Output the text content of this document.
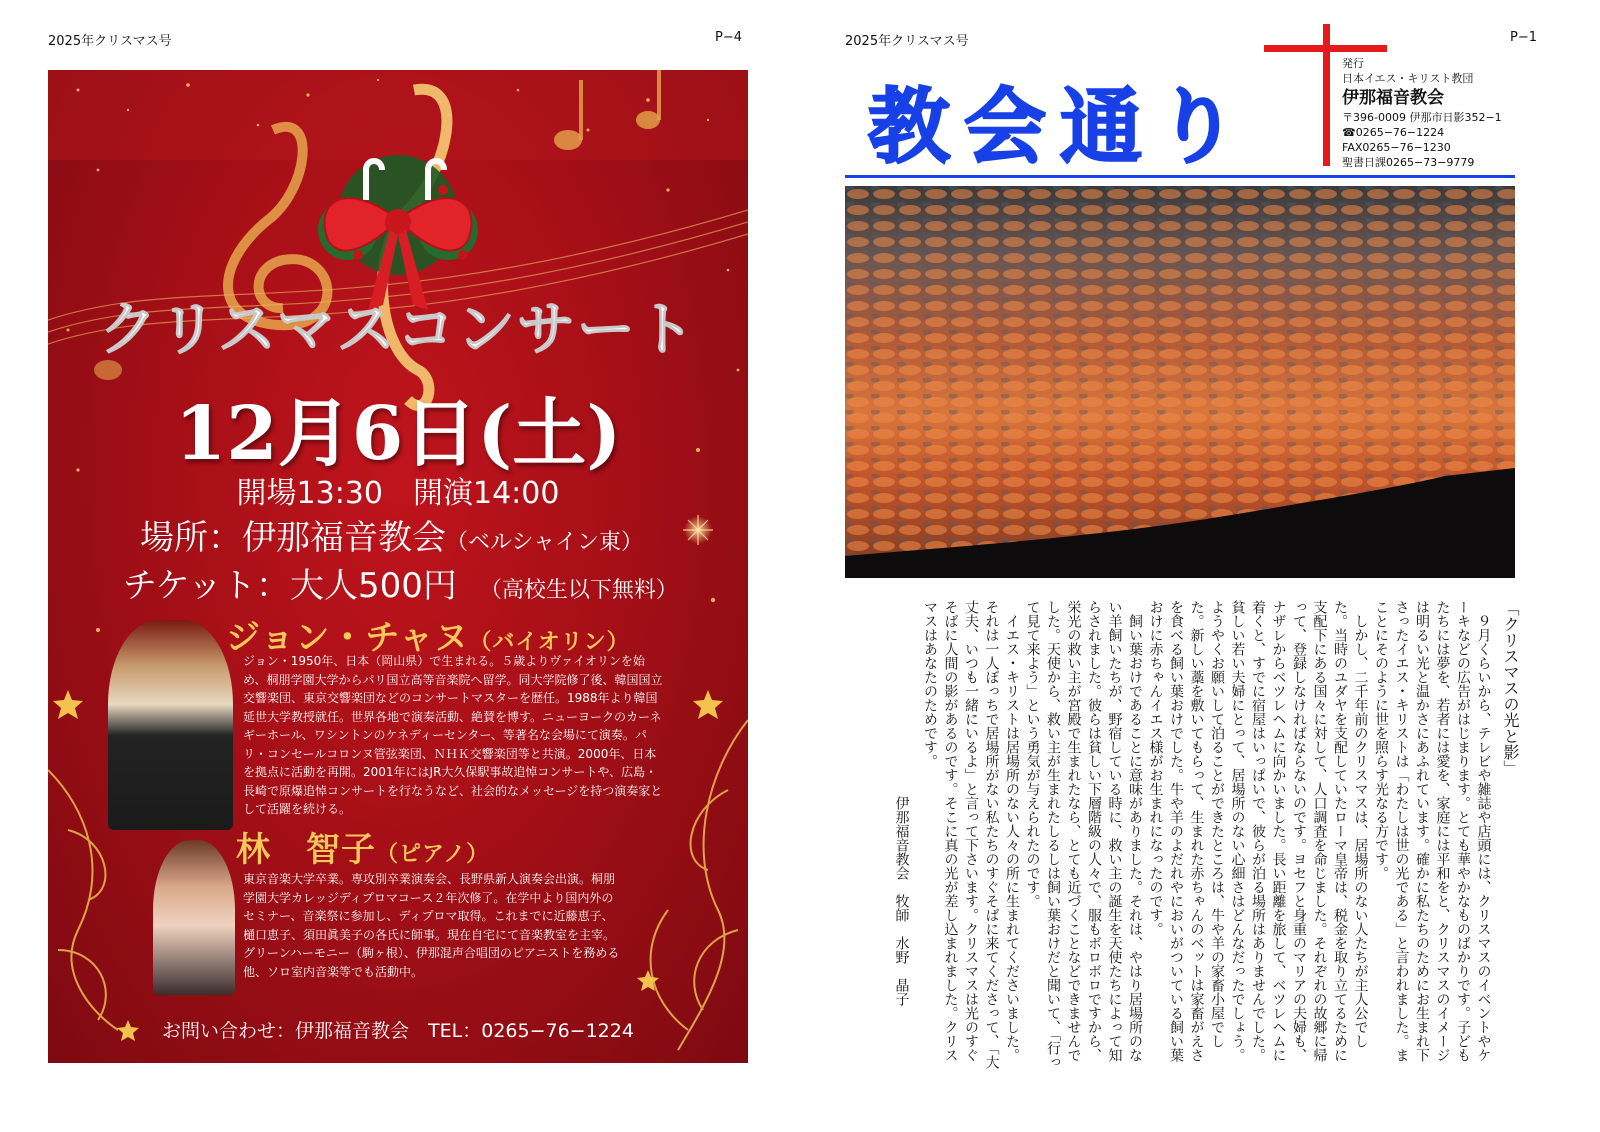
2025年クリスマス号	P−4
クリスマスコンサート
12月6日(土)
開場13:30　開演14:00
場所：伊那福音教会（ベルシャイン東）
チケット：大人500円　 （高校生以下無料）
ジョン・チャヌ（バイオリン）
ジョン・1950年、日本（岡山県）で生まれる。５歳よりヴァイオリンを始め、桐朋学園大学からパリ国立高等音楽院へ留学。同大学院修了後、韓国国立交響楽団、東京交響楽団などのコンサートマスターを歴任。1988年より韓国延世大学教授就任。世界各地で演奏活動、絶賛を博す。ニューヨークのカーネギーホール、ワシントンのケネディーセンター、等著名な会場にて演奏。パリ・コンセールコロンヌ管弦楽団、ＮＨＫ交響楽団等と共演。2000年、日本を拠点に活動を再開。2001年にはJR大久保駅事故追悼コンサートや、広島・長崎で原爆追悼コンサートを行なうなど、社会的なメッセージを持つ演奏家として活躍を続ける。
林　智子（ピアノ）
東京音楽大学卒業。専攻別卒業演奏会、長野県新人演奏会出演。桐朋学園大学カレッジディプロマコース２年次修了。在学中より国内外のセミナー、音楽祭に参加し、ディプロマ取得。これまでに近藤恵子、樋口恵子、須田眞美子の各氏に師事。現在自宅にて音楽教室を主宰。グリーンハーモニー（駒ヶ根）、伊那混声合唱団のピアニストを務める他、ソロ室内音楽等でも活動中。
お問い合わせ：伊那福音教会　TEL：0265−76−1224
2025年クリスマス号	P−1
教会通り
発行
日本イエス・キリスト教団
伊那福音教会
〒396-0009 伊那市日影352−1
☎0265−76−1224
FAX0265−76−1230
聖書日課0265−73−9779

「クリスマスの光と影」

９月くらいから、テレビや雑誌や店頭には、クリスマスのイベントやケーキなどの広告がはじまります。とても華やかなものばかりです。子どもたちには夢を、若者には愛を、家庭には平和をと、クリスマスのイメージは明るい光と温かさにあふれています。確かに私たちのためにお生まれ下さったイエス・キリストは「わたしは世の光である」と言われました。まことにそのように世を照らす光なる方です。

しかし、二千年前のクリスマスは、居場所のない人たちが主人公でした。当時のユダヤを支配していたローマ皇帝は、税金を取り立てるために支配下にある国々に対して、人口調査を命じました。それぞれの故郷に帰って、登録しなければならないのです。ヨセフと身重のマリアの夫婦も、ナザレからベツレヘムに向かいました。長い距離を旅して、ベツレヘムに着くと、すでに宿屋はいっぱいで、彼らが泊る場所はありませんでした。貧しい若い夫婦にとって、居場所のない心細さはどんなだったでしょう。ようやくお願いして泊ることができたところは、牛や羊の家畜小屋でした。新しい藁を敷いてもらって、生まれた赤ちゃんのベットは家畜がえさを食べる飼い葉おけでした。牛や羊のよだれやにおいがついている飼い葉おけに赤ちゃんイエス様がお生まれになったのです。

飼い葉おけであることに意味がありました。それは、やはり居場所のない羊飼いたちが、野宿している時に、救い主の誕生を天使たちによって知らされました。彼らは貧しい下層階級の人々で、服もボロボロですから、栄光の救い主が宮殿で生まれたなら、とても近づくことなどできませんでした。天使から、救い主が生まれたしるしは飼い葉おけだと聞いて、「行って見て来よう」という勇気が与えられたのです。

イエス・キリストは居場所のない人々の所に生まれてくださいました。それは一人ぼっちで居場所がない私たちのすぐそばに来てくださって、「大丈夫、いつも一緒にいるよ」と言って下さいます。クリスマスは光のすぐそばに人間の影があるのです。そこに真の光が差し込まれました。クリスマスはあなたのためです。

伊那福音教会　牧師　水野　晶子
